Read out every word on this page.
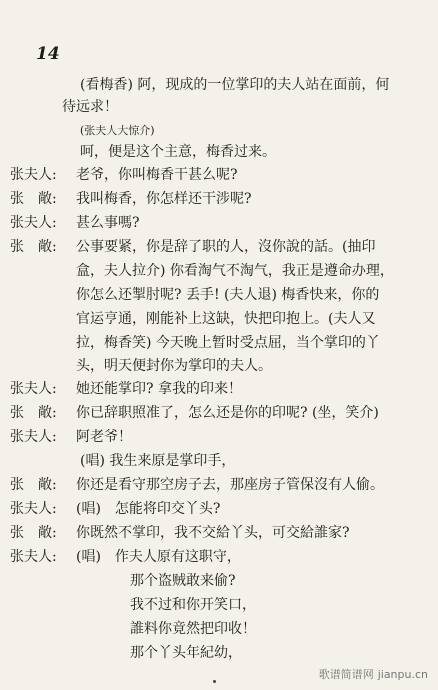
14
(看梅香) 阿，现成的一位掌印的夫人站在面前，何
待远求！
(张夫人大惊介)
呵，便是这个主意，梅香过来。
张夫人: 老爷，你叫梅香干甚么呢?
张　敞: 我叫梅香，你怎样还干涉呢?
张夫人: 甚么事嗎?
张　敞: 公事要紧，你是辞了职的人，沒你說的話。(抽印
盒，夫人拉介) 你看淘气不淘气，我正是遵命办理，
你怎么还掣肘呢? 丢手! (夫人退) 梅香快来，你的
官运亨通，刚能补上这缺，快把印抱上。(夫人又
拉，梅香笑) 今天晚上暂时受点屈，当个掌印的丫
头，明天便封你为掌印的夫人。
张夫人: 她还能掌印? 拿我的印来！
张　敞: 你已辞职照准了，怎么还是你的印呢? (坐，笑介)
张夫人: 阿老爷！
(唱) 我生来原是掌印手，
张　敞: 你还是看守那空房子去，那座房子管保沒有人偷。
张夫人: (唱)　怎能将印交丫头?
张　敞: 你既然不掌印，我不交給丫头，可交給誰家?
张夫人: (唱)　作夫人原有这职守，
那个盗贼敢来偷?
我不过和你开笑口，
誰料你竟然把印收！
那个丫头年紀幼，
歌谱简谱网 jianpu.cn
